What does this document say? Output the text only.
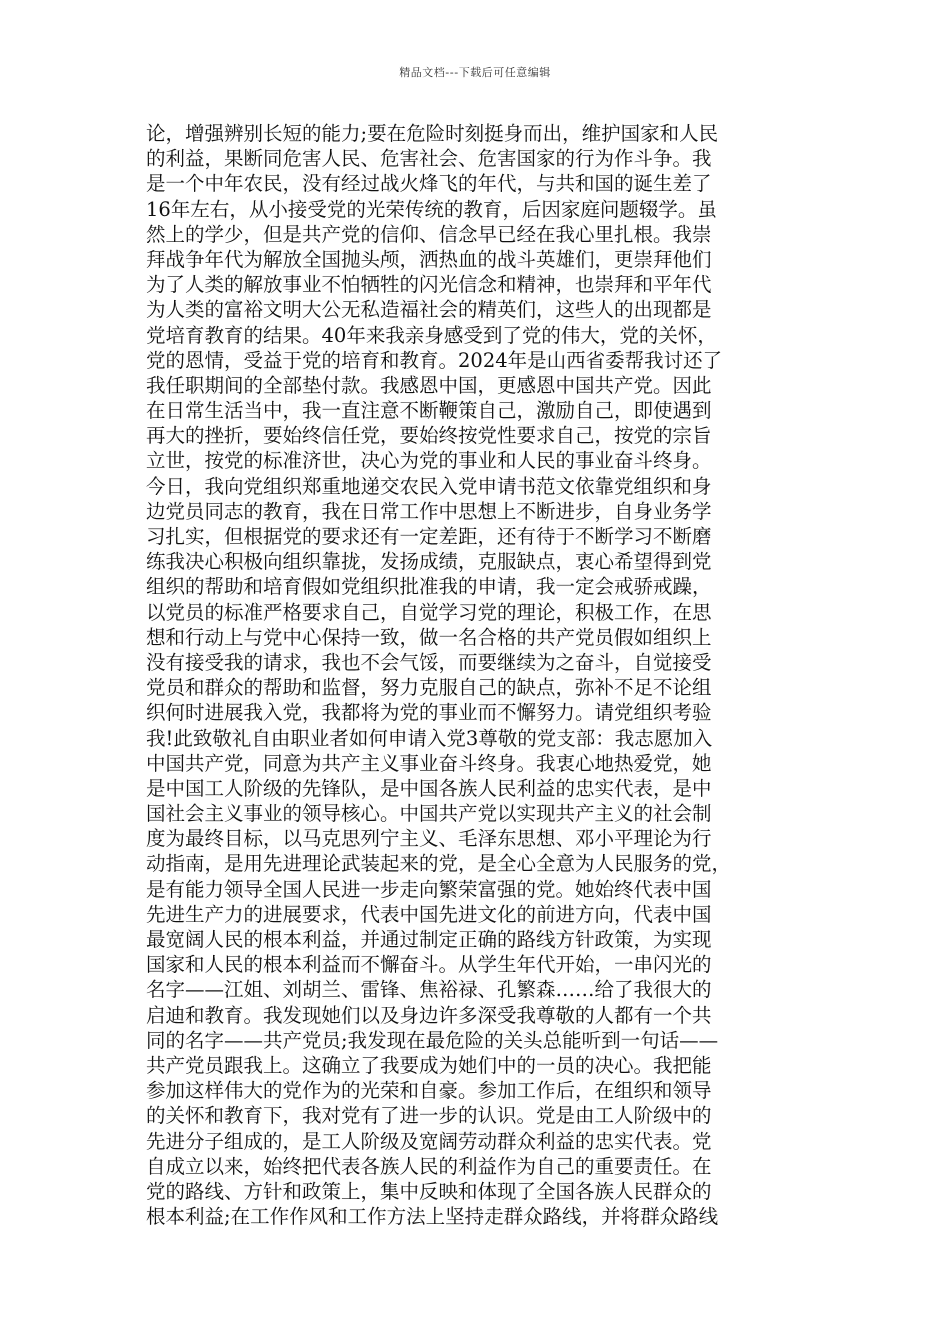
精品文档---下载后可任意编辑
论，增强辨别长短的能力;要在危险时刻挺身而出，维护国家和人民
的利益，果断同危害人民、危害社会、危害国家的行为作斗争。我
是一个中年农民，没有经过战火烽飞的年代，与共和国的诞生差了
16年左右，从小接受党的光荣传统的教育，后因家庭问题辍学。虽
然上的学少，但是共产党的信仰、信念早已经在我心里扎根。我崇
拜战争年代为解放全国抛头颅，洒热血的战斗英雄们，更崇拜他们
为了人类的解放事业不怕牺牲的闪光信念和精神，也崇拜和平年代
为人类的富裕文明大公无私造福社会的精英们，这些人的出现都是
党培育教育的结果。40年来我亲身感受到了党的伟大，党的关怀，
党的恩情，受益于党的培育和教育。2024年是山西省委帮我讨还了
我任职期间的全部垫付款。我感恩中国，更感恩中国共产党。因此
在日常生活当中，我一直注意不断鞭策自己，激励自己，即使遇到
再大的挫折，要始终信任党，要始终按党性要求自己，按党的宗旨
立世，按党的标准济世，决心为党的事业和人民的事业奋斗终身。
今日，我向党组织郑重地递交农民入党申请书范文依靠党组织和身
边党员同志的教育，我在日常工作中思想上不断进步，自身业务学
习扎实，但根据党的要求还有一定差距，还有待于不断学习不断磨
练我决心积极向组织靠拢，发扬成绩，克服缺点，衷心希望得到党
组织的帮助和培育假如党组织批准我的申请，我一定会戒骄戒躁，
以党员的标准严格要求自己，自觉学习党的理论，积极工作，在思
想和行动上与党中心保持一致，做一名合格的共产党员假如组织上
没有接受我的请求，我也不会气馁，而要继续为之奋斗，自觉接受
党员和群众的帮助和监督，努力克服自己的缺点，弥补不足不论组
织何时进展我入党，我都将为党的事业而不懈努力。请党组织考验
我!此致敬礼自由职业者如何申请入党3尊敬的党支部：我志愿加入
中国共产党，同意为共产主义事业奋斗终身。我衷心地热爱党，她
是中国工人阶级的先锋队，是中国各族人民利益的忠实代表，是中
国社会主义事业的领导核心。中国共产党以实现共产主义的社会制
度为最终目标，以马克思列宁主义、毛泽东思想、邓小平理论为行
动指南，是用先进理论武装起来的党，是全心全意为人民服务的党，
是有能力领导全国人民进一步走向繁荣富强的党。她始终代表中国
先进生产力的进展要求，代表中国先进文化的前进方向，代表中国
最宽阔人民的根本利益，并通过制定正确的路线方针政策，为实现
国家和人民的根本利益而不懈奋斗。从学生年代开始，一串闪光的
名字——江姐、刘胡兰、雷锋、焦裕禄、孔繁森……给了我很大的
启迪和教育。我发现她们以及身边许多深受我尊敬的人都有一个共
同的名字——共产党员;我发现在最危险的关头总能听到一句话——
共产党员跟我上。这确立了我要成为她们中的一员的决心。我把能
参加这样伟大的党作为的光荣和自豪。参加工作后，在组织和领导
的关怀和教育下，我对党有了进一步的认识。党是由工人阶级中的
先进分子组成的，是工人阶级及宽阔劳动群众利益的忠实代表。党
自成立以来，始终把代表各族人民的利益作为自己的重要责任。在
党的路线、方针和政策上，集中反映和体现了全国各族人民群众的
根本利益;在工作作风和工作方法上坚持走群众路线，并将群众路线
